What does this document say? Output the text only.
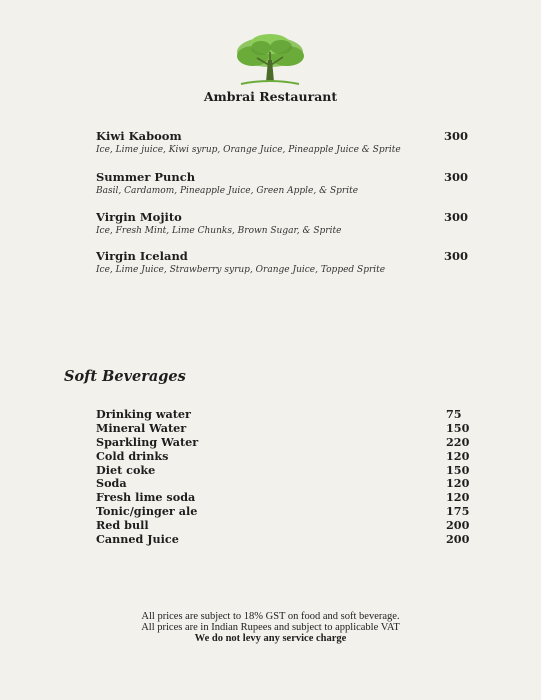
Ambrai Restaurant
Kiwi Kaboom
Ice, Lime juice, Kiwi syrup, Orange Juice, Pineapple Juice & Sprite
300
Summer Punch
Basil, Cardamom, Pineapple Juice, Green Apple, & Sprite
300
Virgin Mojito
Ice, Fresh Mint, Lime Chunks, Brown Sugar, & Sprite
300
Virgin Iceland
Ice, Lime Juice, Strawberry syrup, Orange Juice, Topped Sprite
300
Soft Beverages
Drinking water	75
Mineral Water	150
Sparkling Water	220
Cold drinks	120
Diet coke	150
Soda	120
Fresh lime soda	120
Tonic/ginger ale	175
Red bull	200
Canned Juice	200
All prices are subject to 18% GST on food and soft beverage.
All prices are in Indian Rupees and subject to applicable VAT
We do not levy any service charge
